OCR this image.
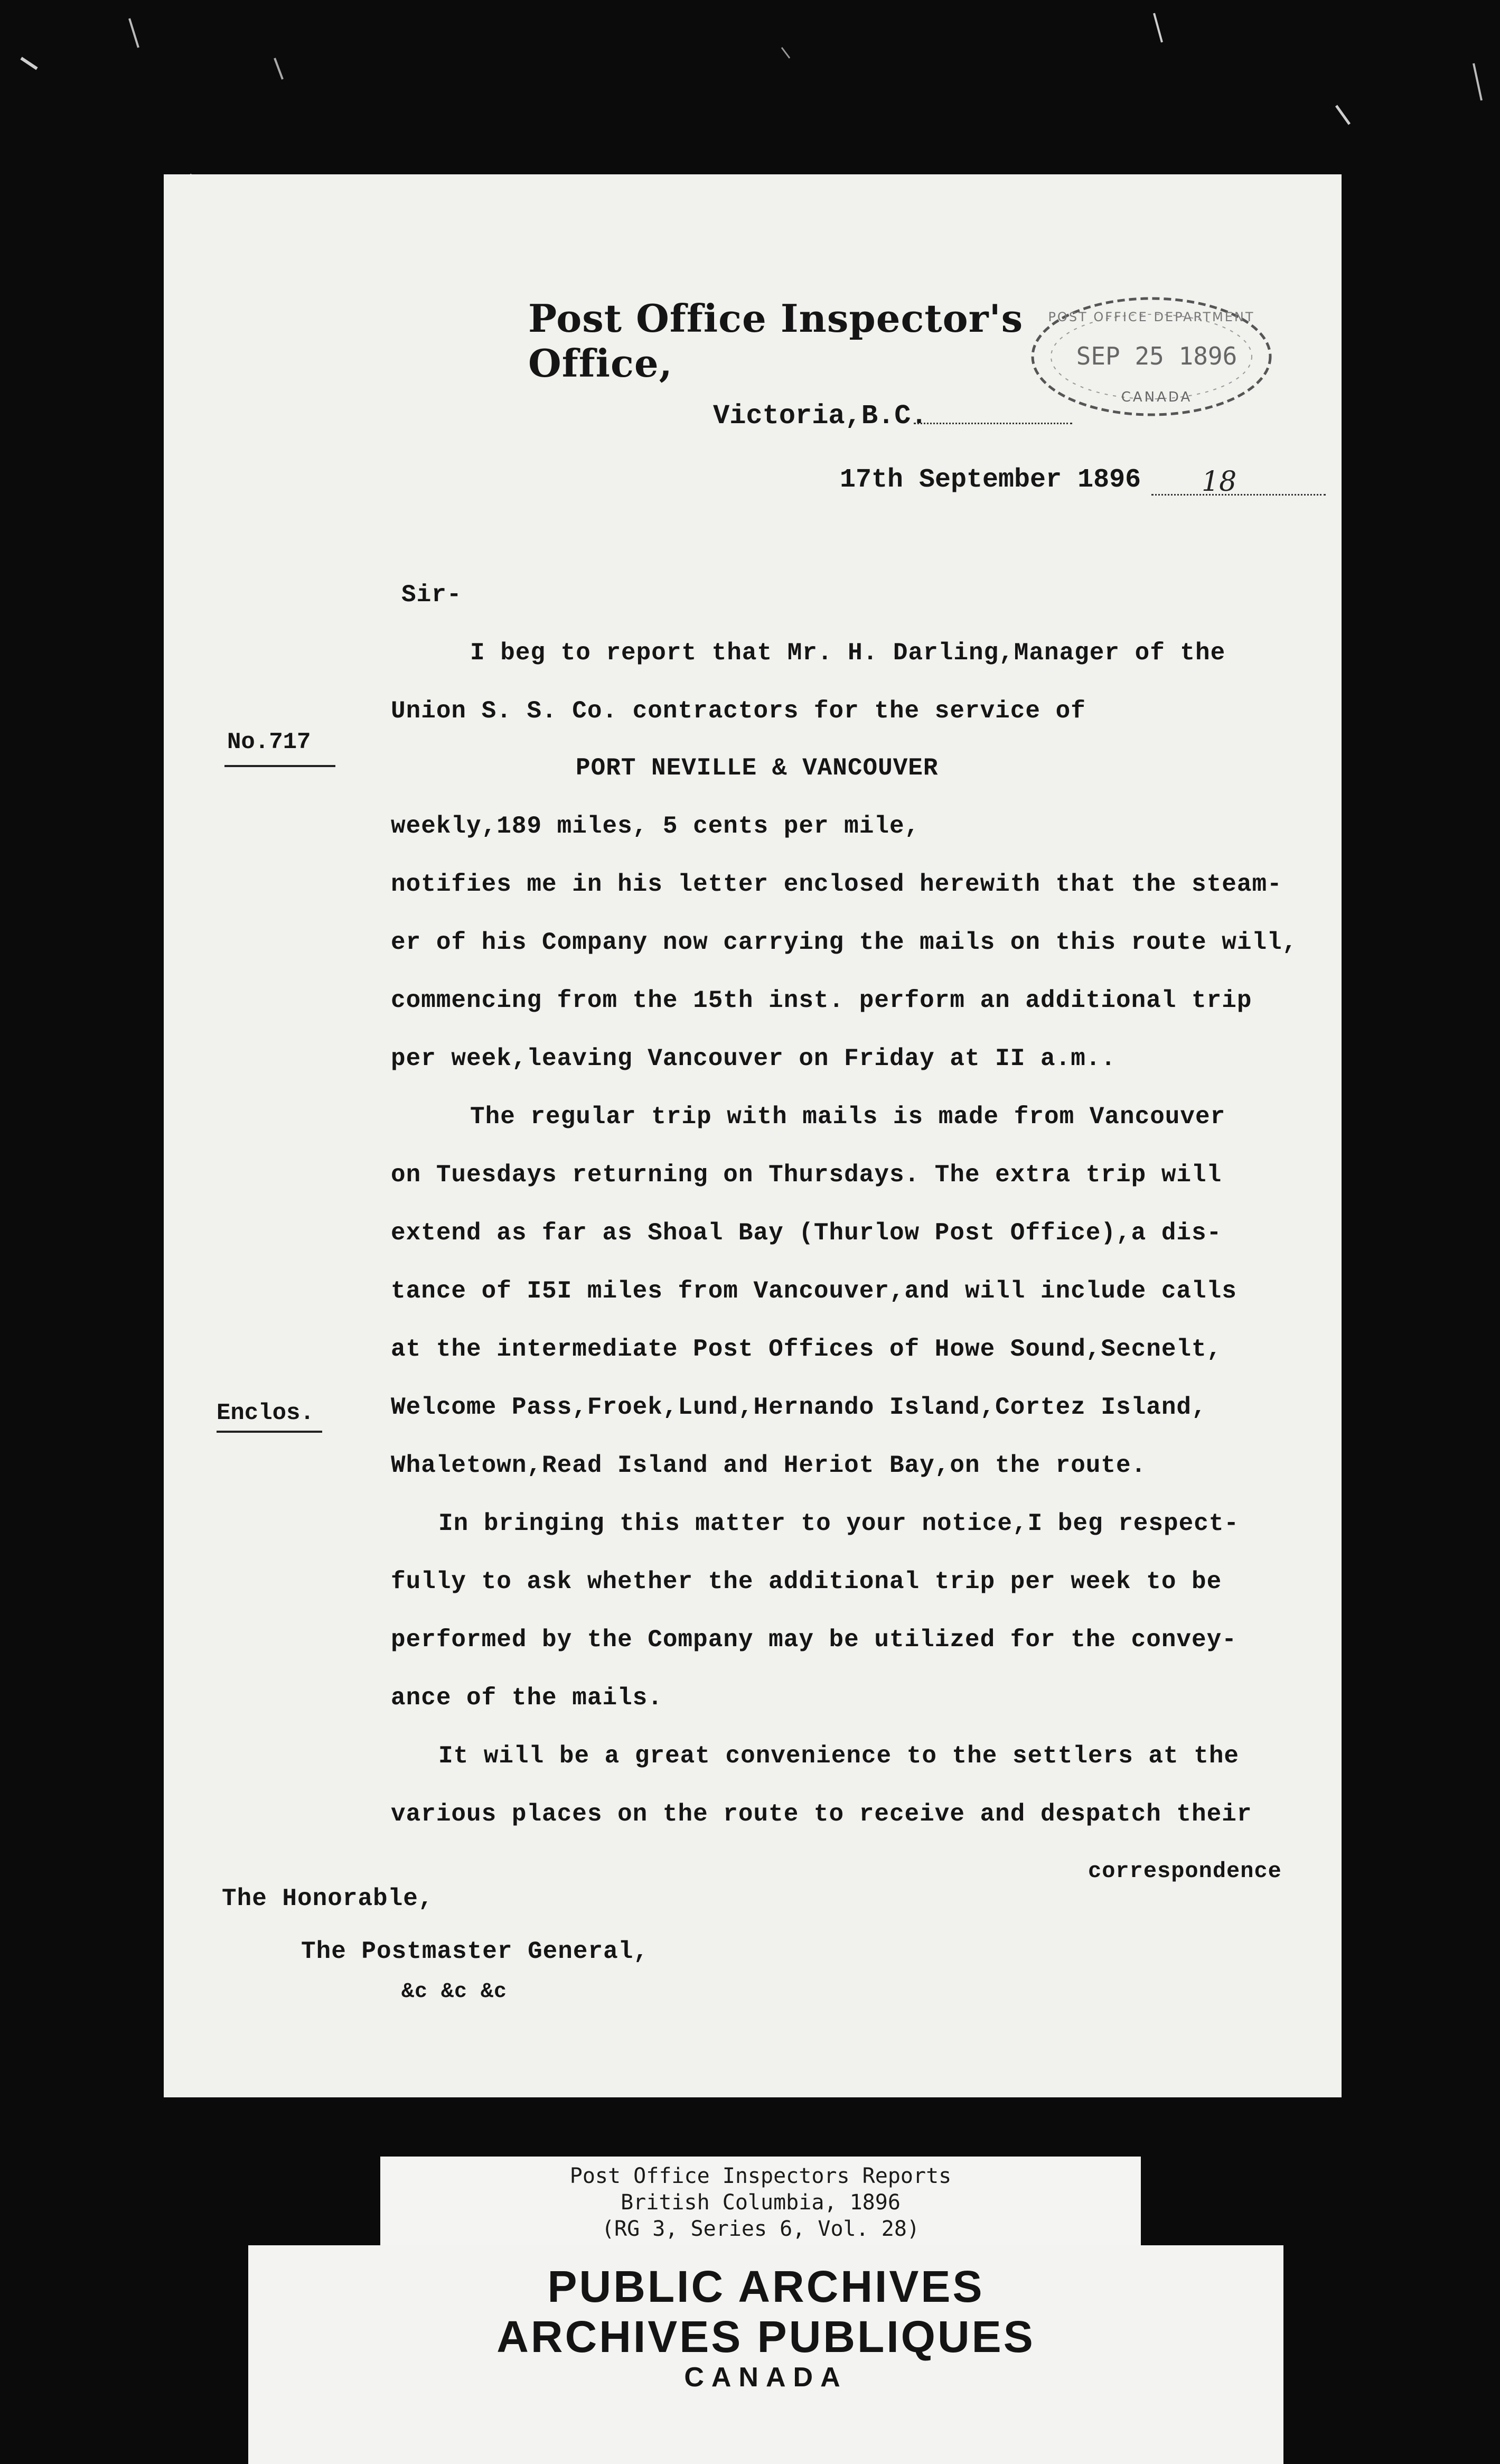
Post Office Inspector's Office,
POST OFFICE DEPARTMENT
SEP 25 1896
CANADA
Victoria,B.C.
17th September 1896	18
Sir-
I beg to report that Mr. H. Darling,Manager of the
Union S. S. Co. contractors for the service of
PORT NEVILLE & VANCOUVER
weekly,189 miles, 5 cents per mile,
notifies me in his letter enclosed herewith that the steam-
er of his Company now carrying the mails on this route will,
commencing from the 15th inst. perform an additional trip
per week,leaving Vancouver on Friday at II a.m..
The regular trip with mails is made from Vancouver
on Tuesdays returning on Thursdays. The extra trip will
extend as far as Shoal Bay (Thurlow Post Office),a dis-
tance of I5I miles from Vancouver,and will include calls
at the intermediate Post Offices of Howe Sound,Secnelt,
Welcome Pass,Froek,Lund,Hernando Island,Cortez Island,
Whaletown,Read Island and Heriot Bay,on the route.
In bringing this matter to your notice,I beg respect-
fully to ask whether the additional trip per week to be
performed by the Company may be utilized for the convey-
ance of the mails.
It will be a great convenience to the settlers at the
various places on the route to receive and despatch their
correspondence
The Honorable,
The Postmaster General,
&c &c &c
No.717
Enclos.
Post Office Inspectors Reports
British Columbia, 1896
(RG 3, Series 6, Vol. 28)
PUBLIC ARCHIVES
ARCHIVES PUBLIQUES
CANADA
